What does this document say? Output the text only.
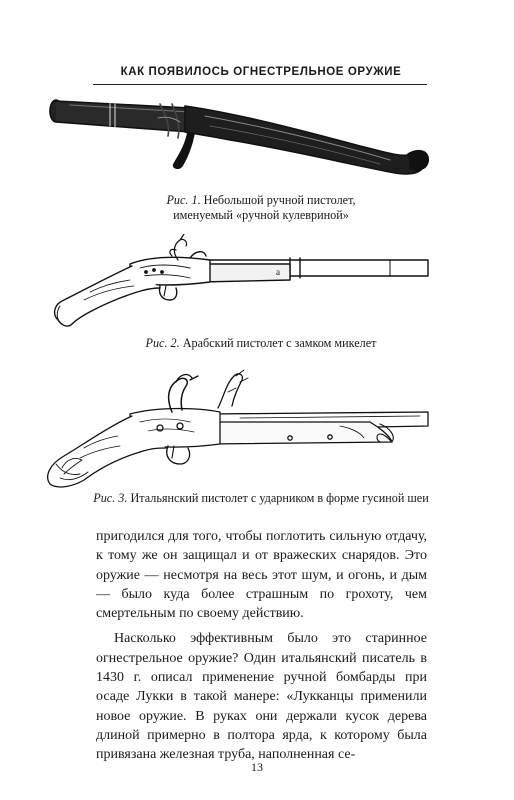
КАК ПОЯВИЛОСЬ ОГНЕСТРЕЛЬНОЕ ОРУЖИЕ
Рис. 1. Небольшой ручной пистолет,
именуемый «ручной кулевриной»
a
Рис. 2. Арабский пистолет с замком микелет
Рис. 3. Итальянский пистолет с ударником в форме гусиной шеи

пригодился для того, чтобы поглотить сильную отдачу, к тому же он защищал и от вражеских снарядов. Это оружие — несмотря на весь этот шум, и огонь, и дым — было куда более страшным по грохоту, чем смертельным по своему действию.

Насколько эффективным было это старинное огнестрельное оружие? Один итальянский писатель в 1430 г. описал применение ручной бомбарды при осаде Лукки в такой манере: «Лукканцы применили новое оружие. В руках они держали кусок дерева длиной примерно в полтора ярда, к которому была привязана железная труба, наполненная се-

13
